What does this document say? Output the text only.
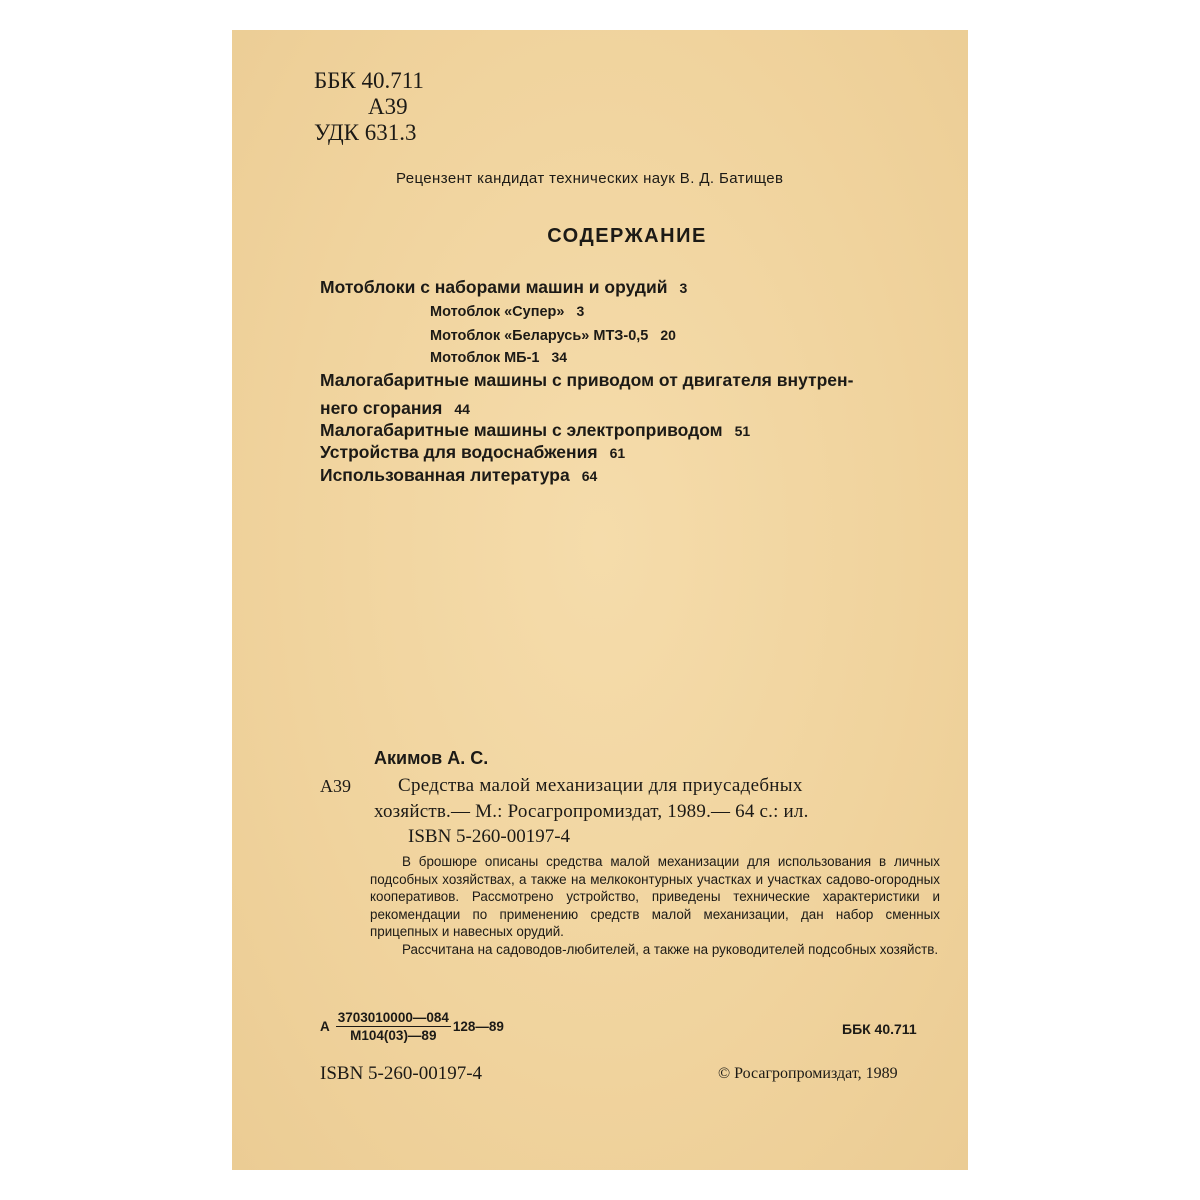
ББК 40.711
А39
УДК 631.3
Рецензент кандидат технических наук В. Д. Батищев
СОДЕРЖАНИЕ
Мотоблоки с наборами машин и орудий 3
Мотоблок «Супер» 3
Мотоблок «Беларусь» МТЗ-0,5 20
Мотоблок МБ-1 34
Малогабаритные машины с приводом от двигателя внутрен-
него сгорания 44
Малогабаритные машины с электроприводом 51
Устройства для водоснабжения 61
Использованная литература 64
Акимов А. С.
А39 Средства малой механизации для приусадебных
хозяйств.— М.: Росагропромиздат, 1989.— 64 с.: ил.
ISBN 5-260-00197-4

В брошюре описаны средства малой механизации для использования в личных подсобных хозяйствах, а также на мелкоконтурных участках и участках садово-огородных кооперативов. Рассмотрено устройство, приведены технические характеристики и рекомендации по применению средств малой механизации, дан набор сменных прицепных и навесных орудий.

Рассчитана на садоводов-любителей, а также на руководителей подсобных хозяйств.

А $\frac{3703010000—084}{М104(03)—89}$ 128—89	ББК 40.711
ISBN 5-260-00197-4	© Росагропромиздат, 1989
